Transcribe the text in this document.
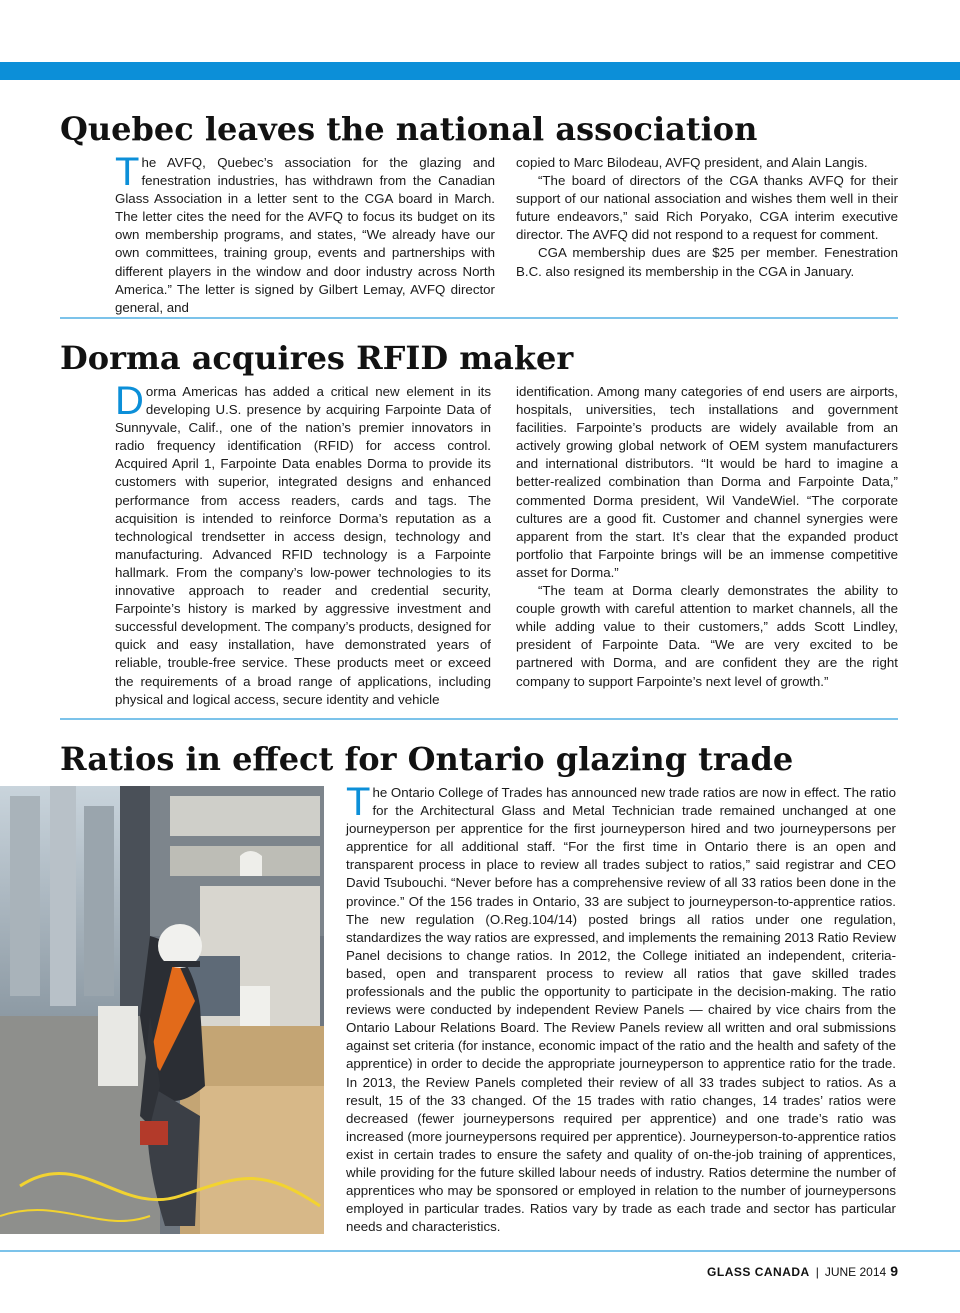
Quebec leaves the national association

The AVFQ, Quebec’s association for the glazing and fenestration industries, has withdrawn from the Canadian Glass Association in a letter sent to the CGA board in March. The letter cites the need for the AVFQ to focus its budget on its own membership programs, and states, “We already have our own committees, training group, events and partnerships with different players in the window and door industry across North America.” The letter is signed by Gilbert Lemay, AVFQ director general, and

copied to Marc Bilodeau, AVFQ president, and Alain Langis.

“The board of directors of the CGA thanks AVFQ for their support of our national association and wishes them well in their future endeavors,” said Rich Poryako, CGA interim executive director. The AVFQ did not respond to a request for comment.

CGA membership dues are $25 per member. Fenestration B.C. also resigned its membership in the CGA in January.

Dorma acquires RFID maker

Dorma Americas has added a critical new element in its developing U.S. presence by acquiring Farpointe Data of Sunnyvale, Calif., one of the nation’s premier innovators in radio frequency identification (RFID) for access control. Acquired April 1, Farpointe Data enables Dorma to provide its customers with superior, integrated designs and enhanced performance from access readers, cards and tags. The acquisition is intended to reinforce Dorma’s reputation as a technological trendsetter in access design, technology and manufacturing. Advanced RFID technology is a Farpointe hallmark. From the company’s low-power technologies to its innovative approach to reader and credential security, Farpointe’s history is marked by aggressive investment and successful development. The company’s products, designed for quick and easy installation, have demonstrated years of reliable, trouble-free service. These products meet or exceed the requirements of a broad range of applications, including physical and logical access, secure identity and vehicle

identification. Among many categories of end users are airports, hospitals, universities, tech installations and government facilities. Farpointe’s products are widely available from an actively growing global network of OEM system manufacturers and international distributors. “It would be hard to imagine a better-realized combination than Dorma and Farpointe Data,” commented Dorma president, Wil VandeWiel. “The corporate cultures are a good fit. Customer and channel synergies were apparent from the start. It’s clear that the expanded product portfolio that Farpointe brings will be an immense competitive asset for Dorma.”

“The team at Dorma clearly demonstrates the ability to couple growth with careful attention to market channels, all the while adding value to their customers,” adds Scott Lindley, president of Farpointe Data. “We are very excited to be partnered with Dorma, and are confident they are the right company to support Farpointe’s next level of growth.”

Ratios in effect for Ontario glazing trade

The Ontario College of Trades has announced new trade ratios are now in effect. The ratio for the Architectural Glass and Metal Technician trade remained unchanged at one journeyperson per apprentice for the first journeyperson hired and two journeypersons per apprentice for all additional staff. “For the first time in Ontario there is an open and transparent process in place to review all trades subject to ratios,” said registrar and CEO David Tsubouchi. “Never before has a comprehensive review of all 33 ratios been done in the province.” Of the 156 trades in Ontario, 33 are subject to journeyperson-to-apprentice ratios. The new regulation (O.Reg.104/14) posted brings all ratios under one regulation, standardizes the way ratios are expressed, and implements the remaining 2013 Ratio Review Panel decisions to change ratios. In 2012, the College initiated an independent, criteria-based, open and transparent process to review all ratios that gave skilled trades professionals and the public the opportunity to participate in the decision-making. The ratio reviews were conducted by independent Review Panels — chaired by vice chairs from the Ontario Labour Relations Board. The Review Panels review all written and oral submissions against set criteria (for instance, economic impact of the ratio and the health and safety of the apprentice) in order to decide the appropriate journeyperson to apprentice ratio for the trade. In 2013, the Review Panels completed their review of all 33 trades subject to ratios. As a result, 15 of the 33 changed. Of the 15 trades with ratio changes, 14 trades’ ratios were decreased (fewer journeypersons required per apprentice) and one trade’s ratio was increased (more journeypersons required per apprentice). Journeyperson-to-apprentice ratios exist in certain trades to ensure the safety and quality of on-the-job training of apprentices, while providing for the future skilled labour needs of industry. Ratios determine the number of apprentices who may be sponsored or employed in relation to the number of journeypersons employed in particular trades. Ratios vary by trade as each trade and sector has particular needs and characteristics.

GLASS CANADA | JUNE 2014 9
